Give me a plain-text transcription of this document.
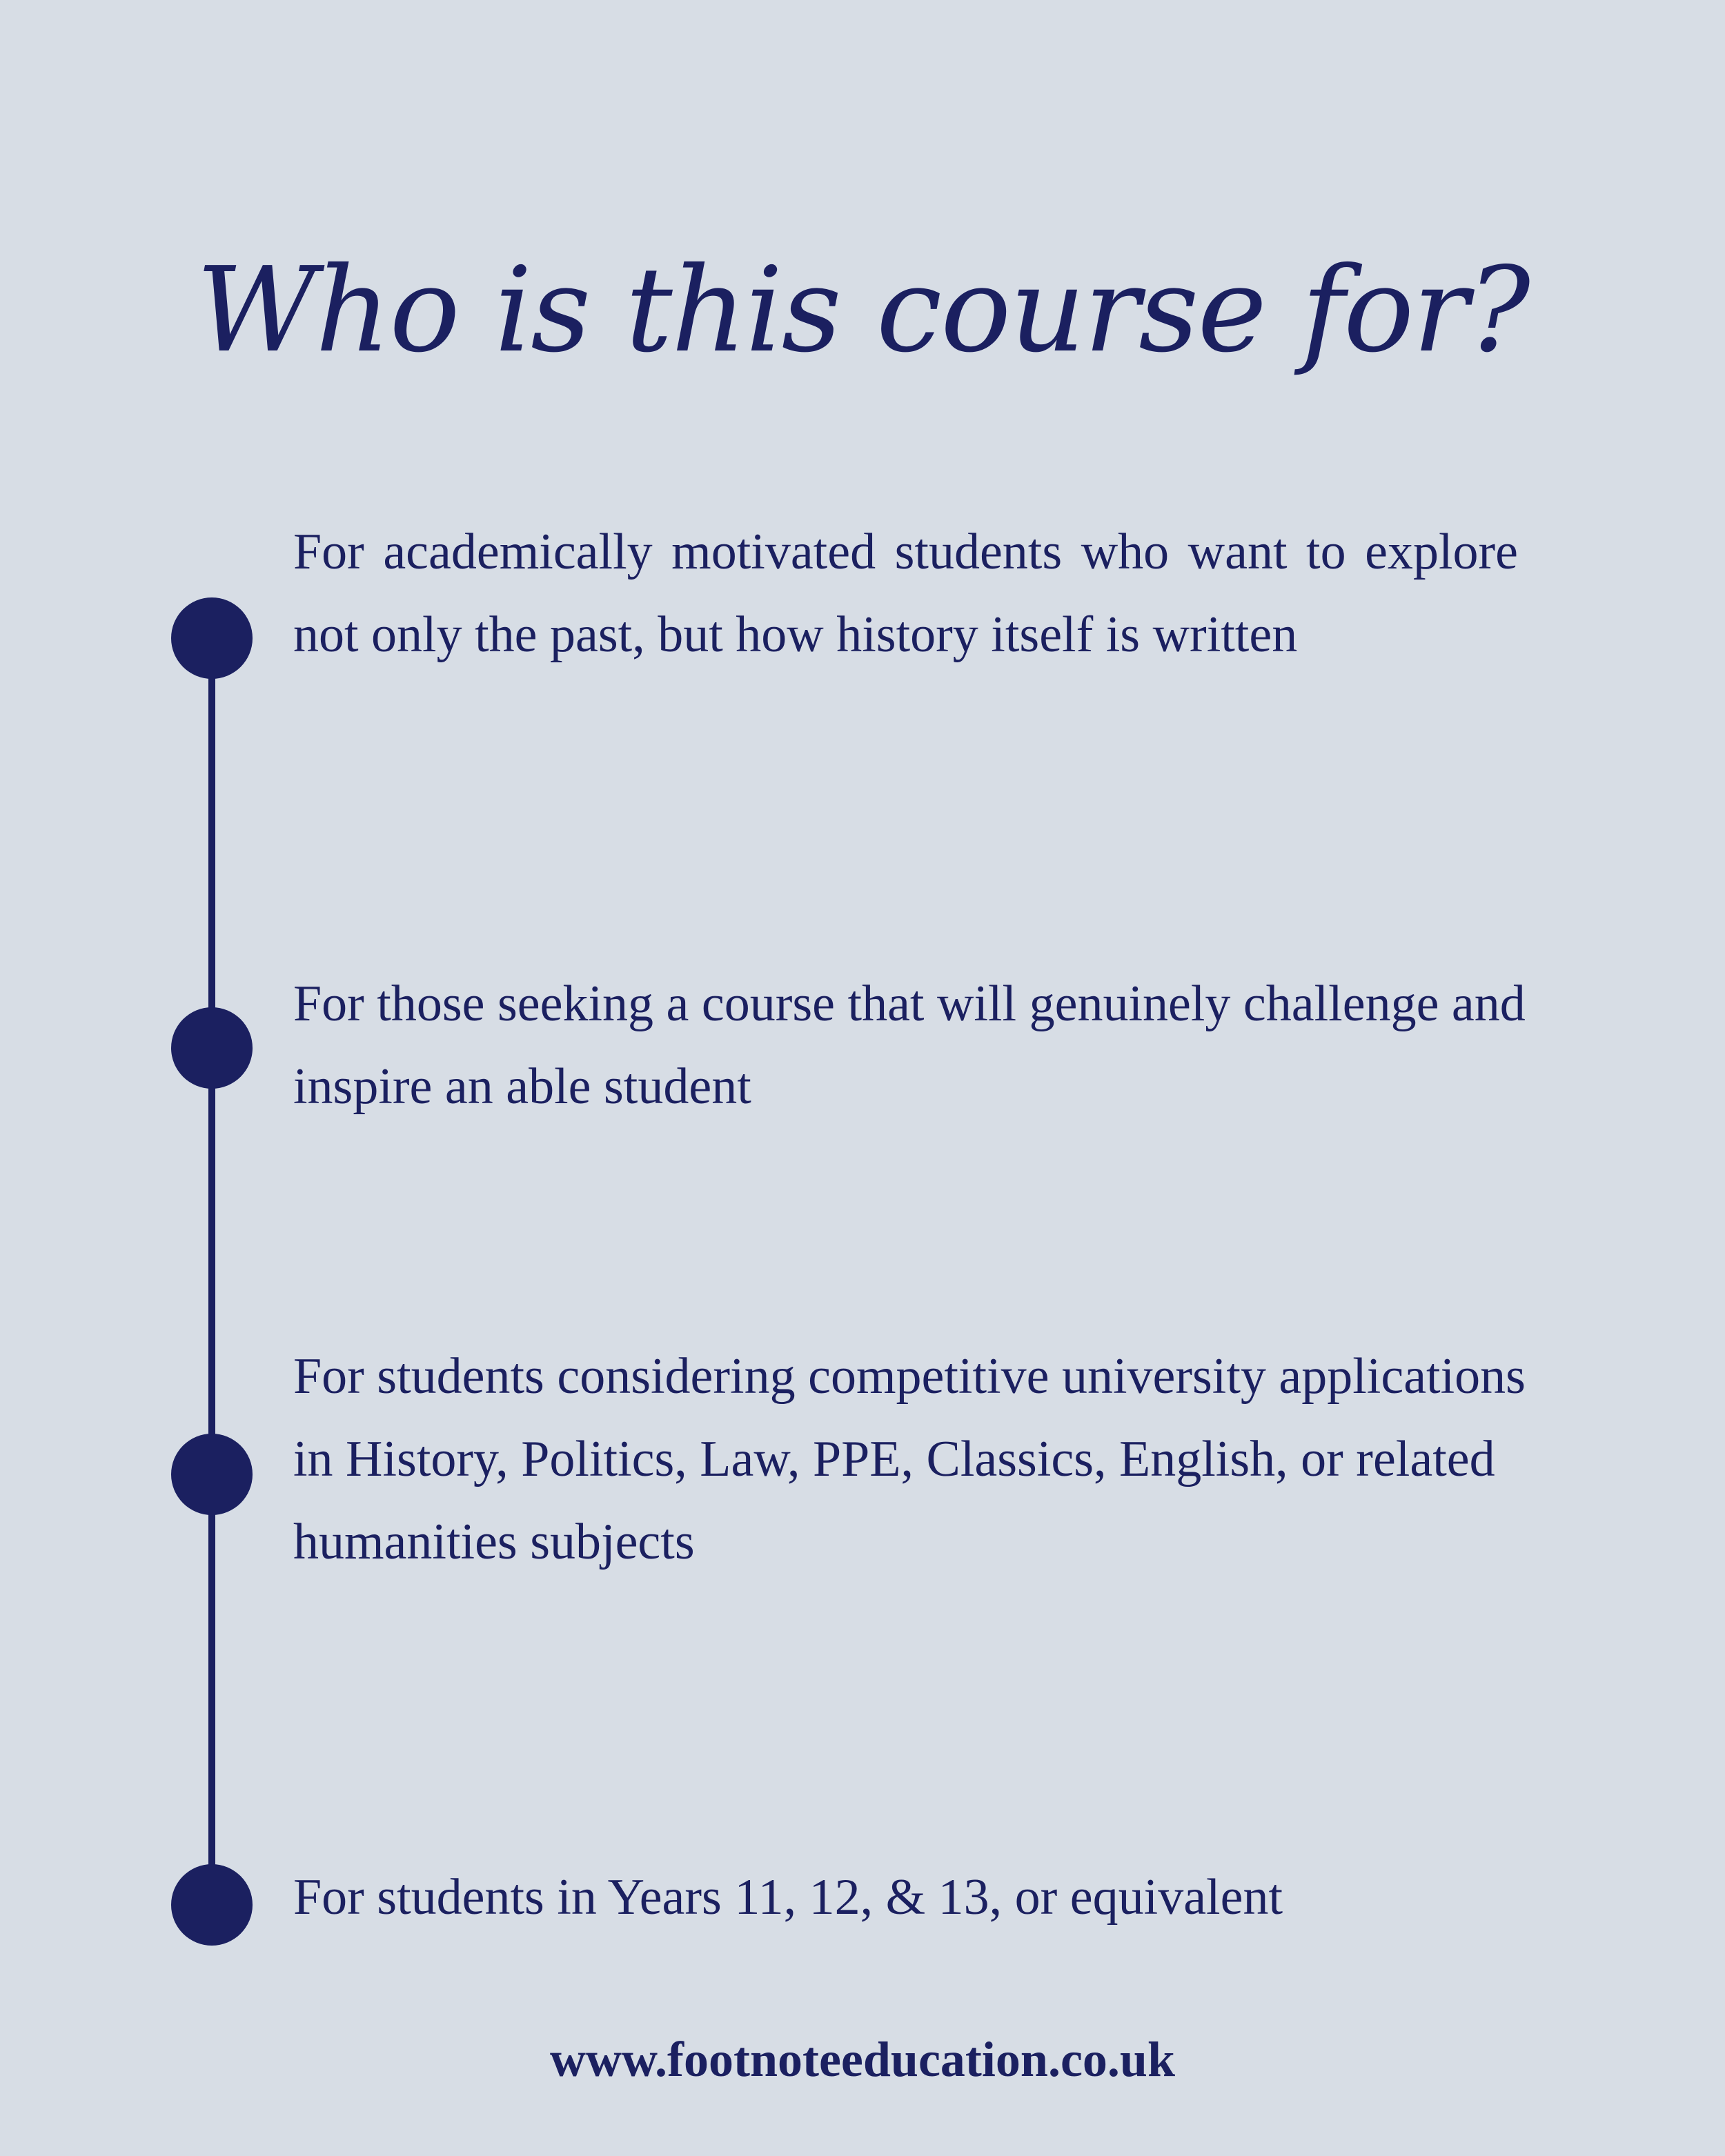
Who is this course for?

For academically motivated students who want to explore not only the past, but how history itself is written

For those seeking a course that will genuinely challenge and inspire an able student

For students considering competitive university applications in History, Politics, Law, PPE, Classics, English, or related humanities subjects

For students in Years 11, 12, & 13, or equivalent

www.footnoteeducation.co.uk
